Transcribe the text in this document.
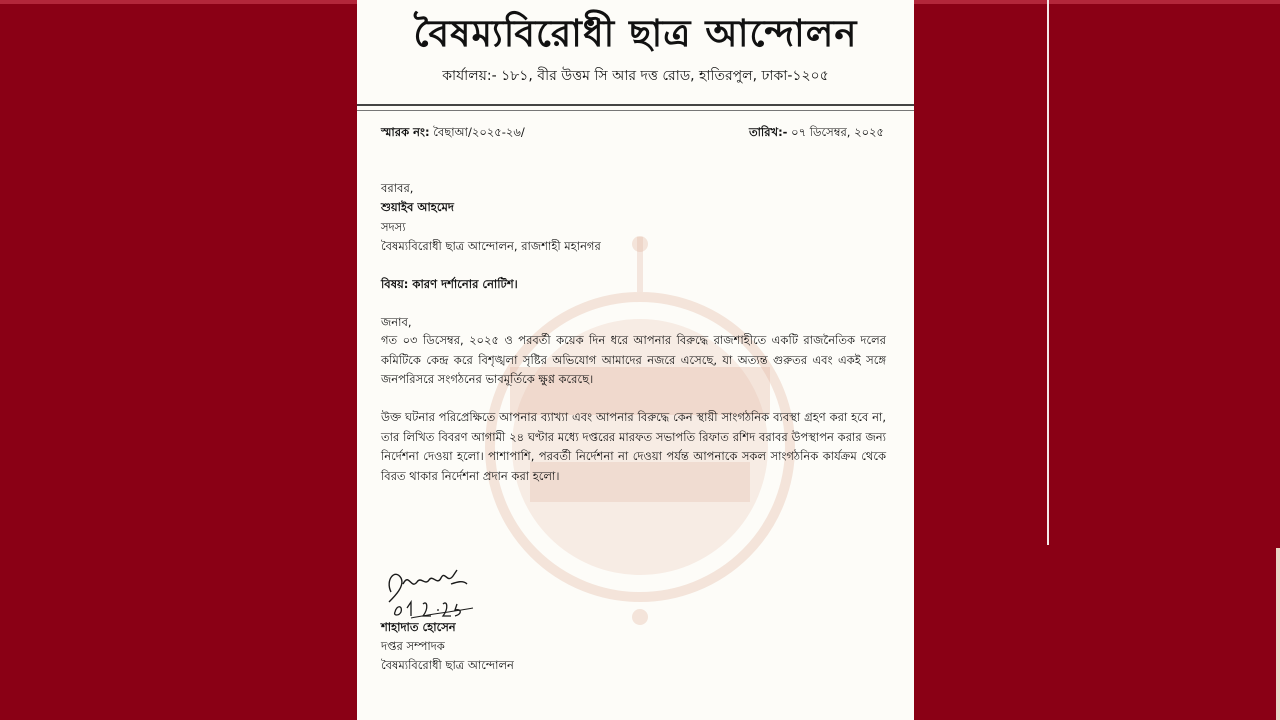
বৈষম্যবিরোধী ছাত্র আন্দোলন
কার্যালয়:- ১৮১, বীর উত্তম সি আর দত্ত রোড, হাতিরপুল, ঢাকা-১২০৫
স্মারক নং: বৈছাআ/২০২৫-২৬/	তারিখ:- ০৭ ডিসেম্বর, ২০২৫
বরাবর,
শুয়াইব আহমেদ
সদস্য
বৈষম্যবিরোধী ছাত্র আন্দোলন, রাজশাহী মহানগর
বিষয়: কারণ দর্শানোর নোটিশ।
জনাব,
গত ০৩ ডিসেম্বর, ২০২৫ ও পরবর্তী কয়েক দিন ধরে আপনার বিরুদ্ধে রাজশাহীতে একটি রাজনৈতিক দলের কমিটিকে কেন্দ্র করে বিশৃঙ্খলা সৃষ্টির অভিযোগ আমাদের নজরে এসেছে, যা অত্যন্ত গুরুতর এবং একই সঙ্গে জনপরিসরে সংগঠনের ভাবমূর্তিকে ক্ষুণ্ণ করেছে।
উক্ত ঘটনার পরিপ্রেক্ষিতে আপনার ব্যাখ্যা এবং আপনার বিরুদ্ধে কেন স্থায়ী সাংগঠনিক ব্যবস্থা গ্রহণ করা হবে না, তার লিখিত বিবরণ আগামী ২৪ ঘণ্টার মধ্যে দপ্তরের মারফত সভাপতি রিফাত রশিদ বরাবর উপস্থাপন করার জন্য নির্দেশনা দেওয়া হলো। পাশাপাশি, পরবর্তী নির্দেশনা না দেওয়া পর্যন্ত আপনাকে সকল সাংগঠনিক কার্যক্রম থেকে বিরত থাকার নির্দেশনা প্রদান করা হলো।
শাহাদাত হোসেন
দপ্তর সম্পাদক
বৈষম্যবিরোধী ছাত্র আন্দোলন
